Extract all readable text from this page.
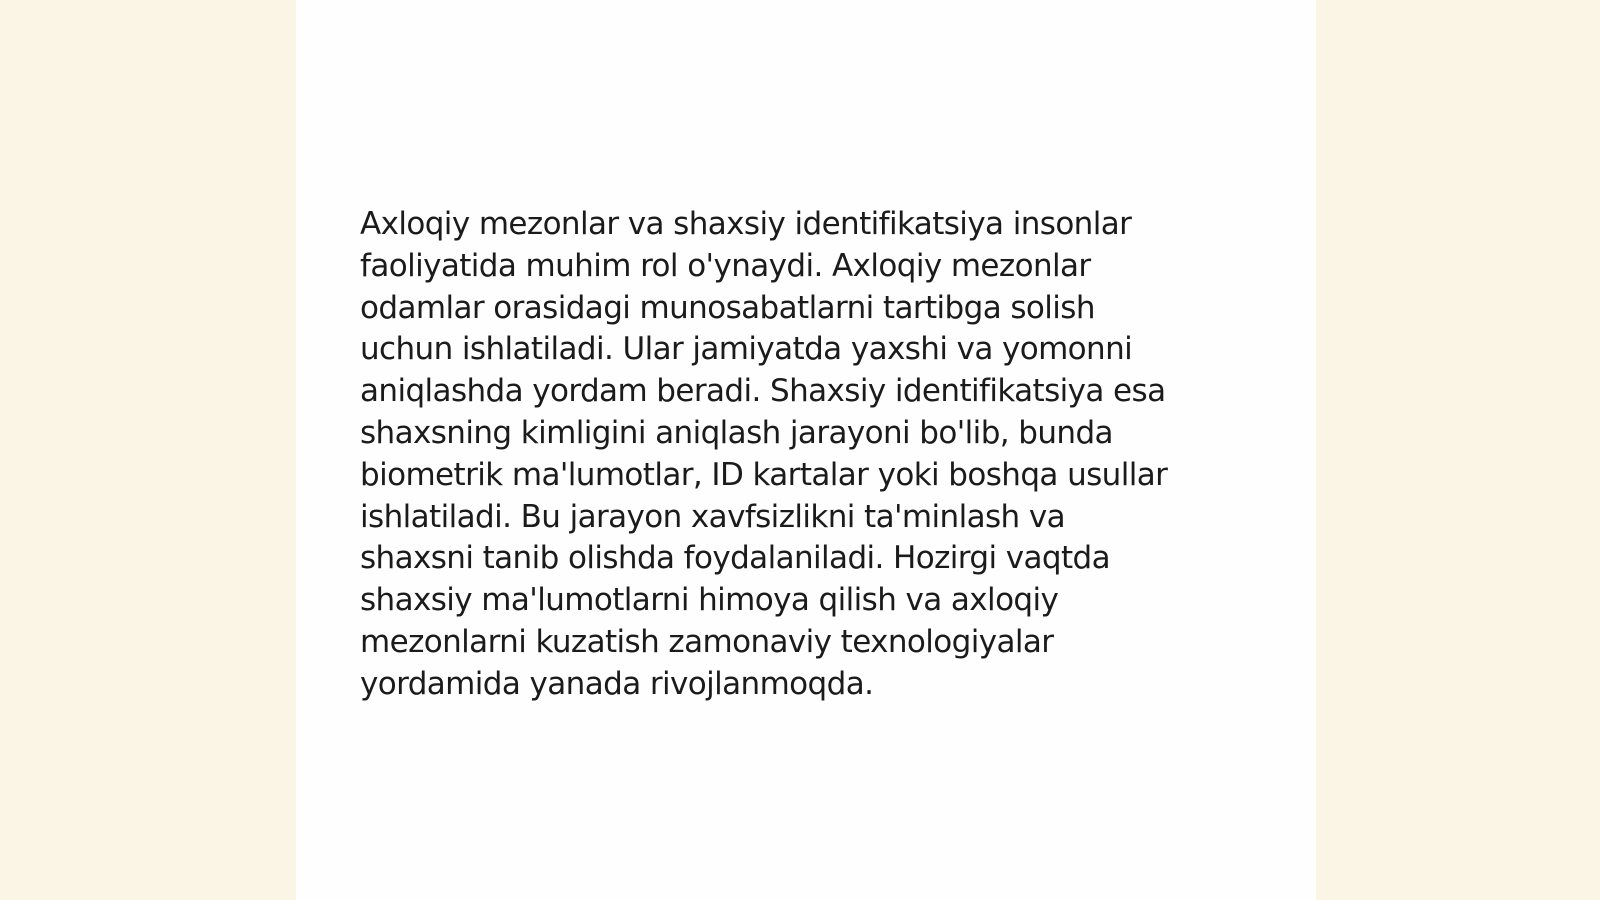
Axloqiy mezonlar va shaxsiy identifikatsiya insonlar
faoliyatida muhim rol o'ynaydi. Axloqiy mezonlar
odamlar orasidagi munosabatlarni tartibga solish
uchun ishlatiladi. Ular jamiyatda yaxshi va yomonni
aniqlashda yordam beradi. Shaxsiy identifikatsiya esa
shaxsning kimligini aniqlash jarayoni bo'lib, bunda
biometrik ma'lumotlar, ID kartalar yoki boshqa usullar
ishlatiladi. Bu jarayon xavfsizlikni ta'minlash va
shaxsni tanib olishda foydalaniladi. Hozirgi vaqtda
shaxsiy ma'lumotlarni himoya qilish va axloqiy
mezonlarni kuzatish zamonaviy texnologiyalar
yordamida yanada rivojlanmoqda.
